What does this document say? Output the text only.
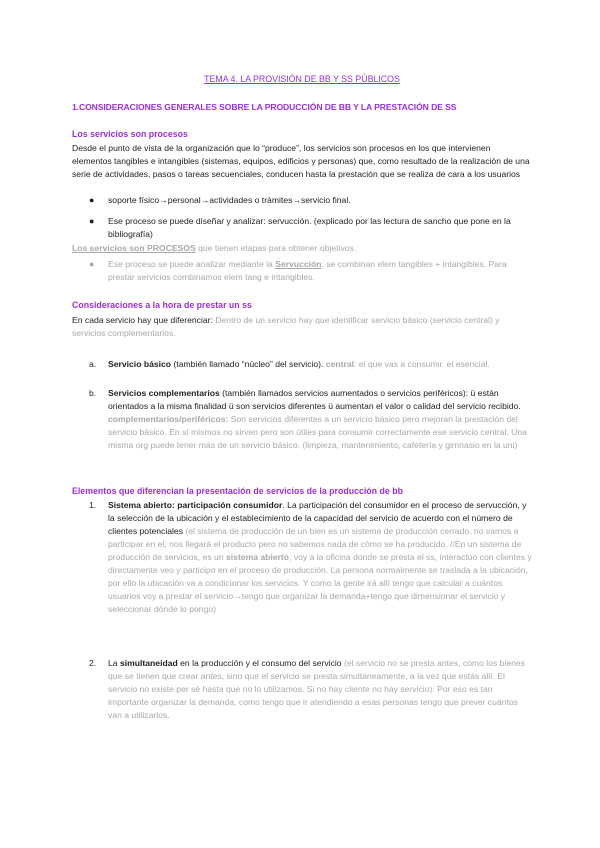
TEMA 4. LA PROVISIÓN DE BB Y SS PÚBLICOS
1.CONSIDERACIONES GENERALES SOBRE LA PRODUCCIÓN DE BB Y LA PRESTACIÓN DE SS
Los servicios son procesos
Desde el punto de vista de la organización que lo “produce”, los servicios son procesos en los que intervienen elementos tangibles e intangibles (sistemas, equipos, edificios y personas) que, como resultado de la realización de una serie de actividades, pasos o tareas secuenciales, conducen hasta la prestación que se realiza de cara a los usuarios
● soporte físico→personal→actividades o trámites→servicio final.
● Ese proceso se puede diseñar y analizar: servucción. (explicado por las lectura de sancho que pone en la bibliografía)
Los servicios son PROCESOS que tienen etapas para obtener objetivos.
● Ese proceso se puede analizar mediante la Servucción: se combinan elem tangibles + intangibles. Para prestar servicios combinamos elem tang e intangibles.
Consideraciones a la hora de prestar un ss
En cada servicio hay que diferenciar: Dentro de un servicio hay que identificar servicio básico (servicio central) y servicios complementarios.
a. Servicio básico (también llamado “núcleo” del servicio). central: el que vas a consumir. el esencial.
b. Servicios complementarios (también llamados servicios aumentados o servicios periféricos): ü están orientados a la misma finalidad ü son servicios diferentes ü aumentan el valor o calidad del servicio recibido. complementarios/periféricos: Son servicios diferentes a un servicio básico pero mejoran la prestación del servicio básico. En sí mismos no sirven pero son útiles para consumir correctamente ese servicio central. Una misma org puede tener más de un servicio básico. (limpieza, mantenimiento, cafetería y gimnasio en la uni)
Elementos que diferencian la presentación de servicios de la producción de bb
1. Sistema abierto: participación consumidor. La participación del consumidor en el proceso de servucción, y la selección de la ubicación y el establecimiento de la capacidad del servicio de acuerdo con el número de clientes potenciales (el sistema de producción de un bien es un sistema de producción cerrado, no vamos a participar en el, nos llegará el producto pero no sabemos nada de cómo se ha producido. //En un sistema de producción de servicios, es un sistema abierto, voy a la oficina donde se presta el ss, interactúo con clientes y directamente veo y participo en el proceso de producción. La persona normalmente se traslada a la ubicación, por ello la ubicación va a condicionar los servicios. Y como la gente irá allí tengo que calcular a cuántos usuarios voy a prestar el servicio→tengo que organizar la demanda+tengo que dimensionar el servicio y seleccionar dónde lo pongo)
2. La simultaneidad en la producción y el consumo del servicio (el servicio no se presta antes, como los bienes que se tienen que crear antes, sino que el servicio se presta simultáneamente, a la vez que estás allí. El servicio no existe per sé hasta que no lo utilizamos. Si no hay cliente no hay servicio). Por eso es tan importante organizar la demanda, como tengo que ir atendiendo a esas personas tengo que prever cuántos van a utilizarlos.
